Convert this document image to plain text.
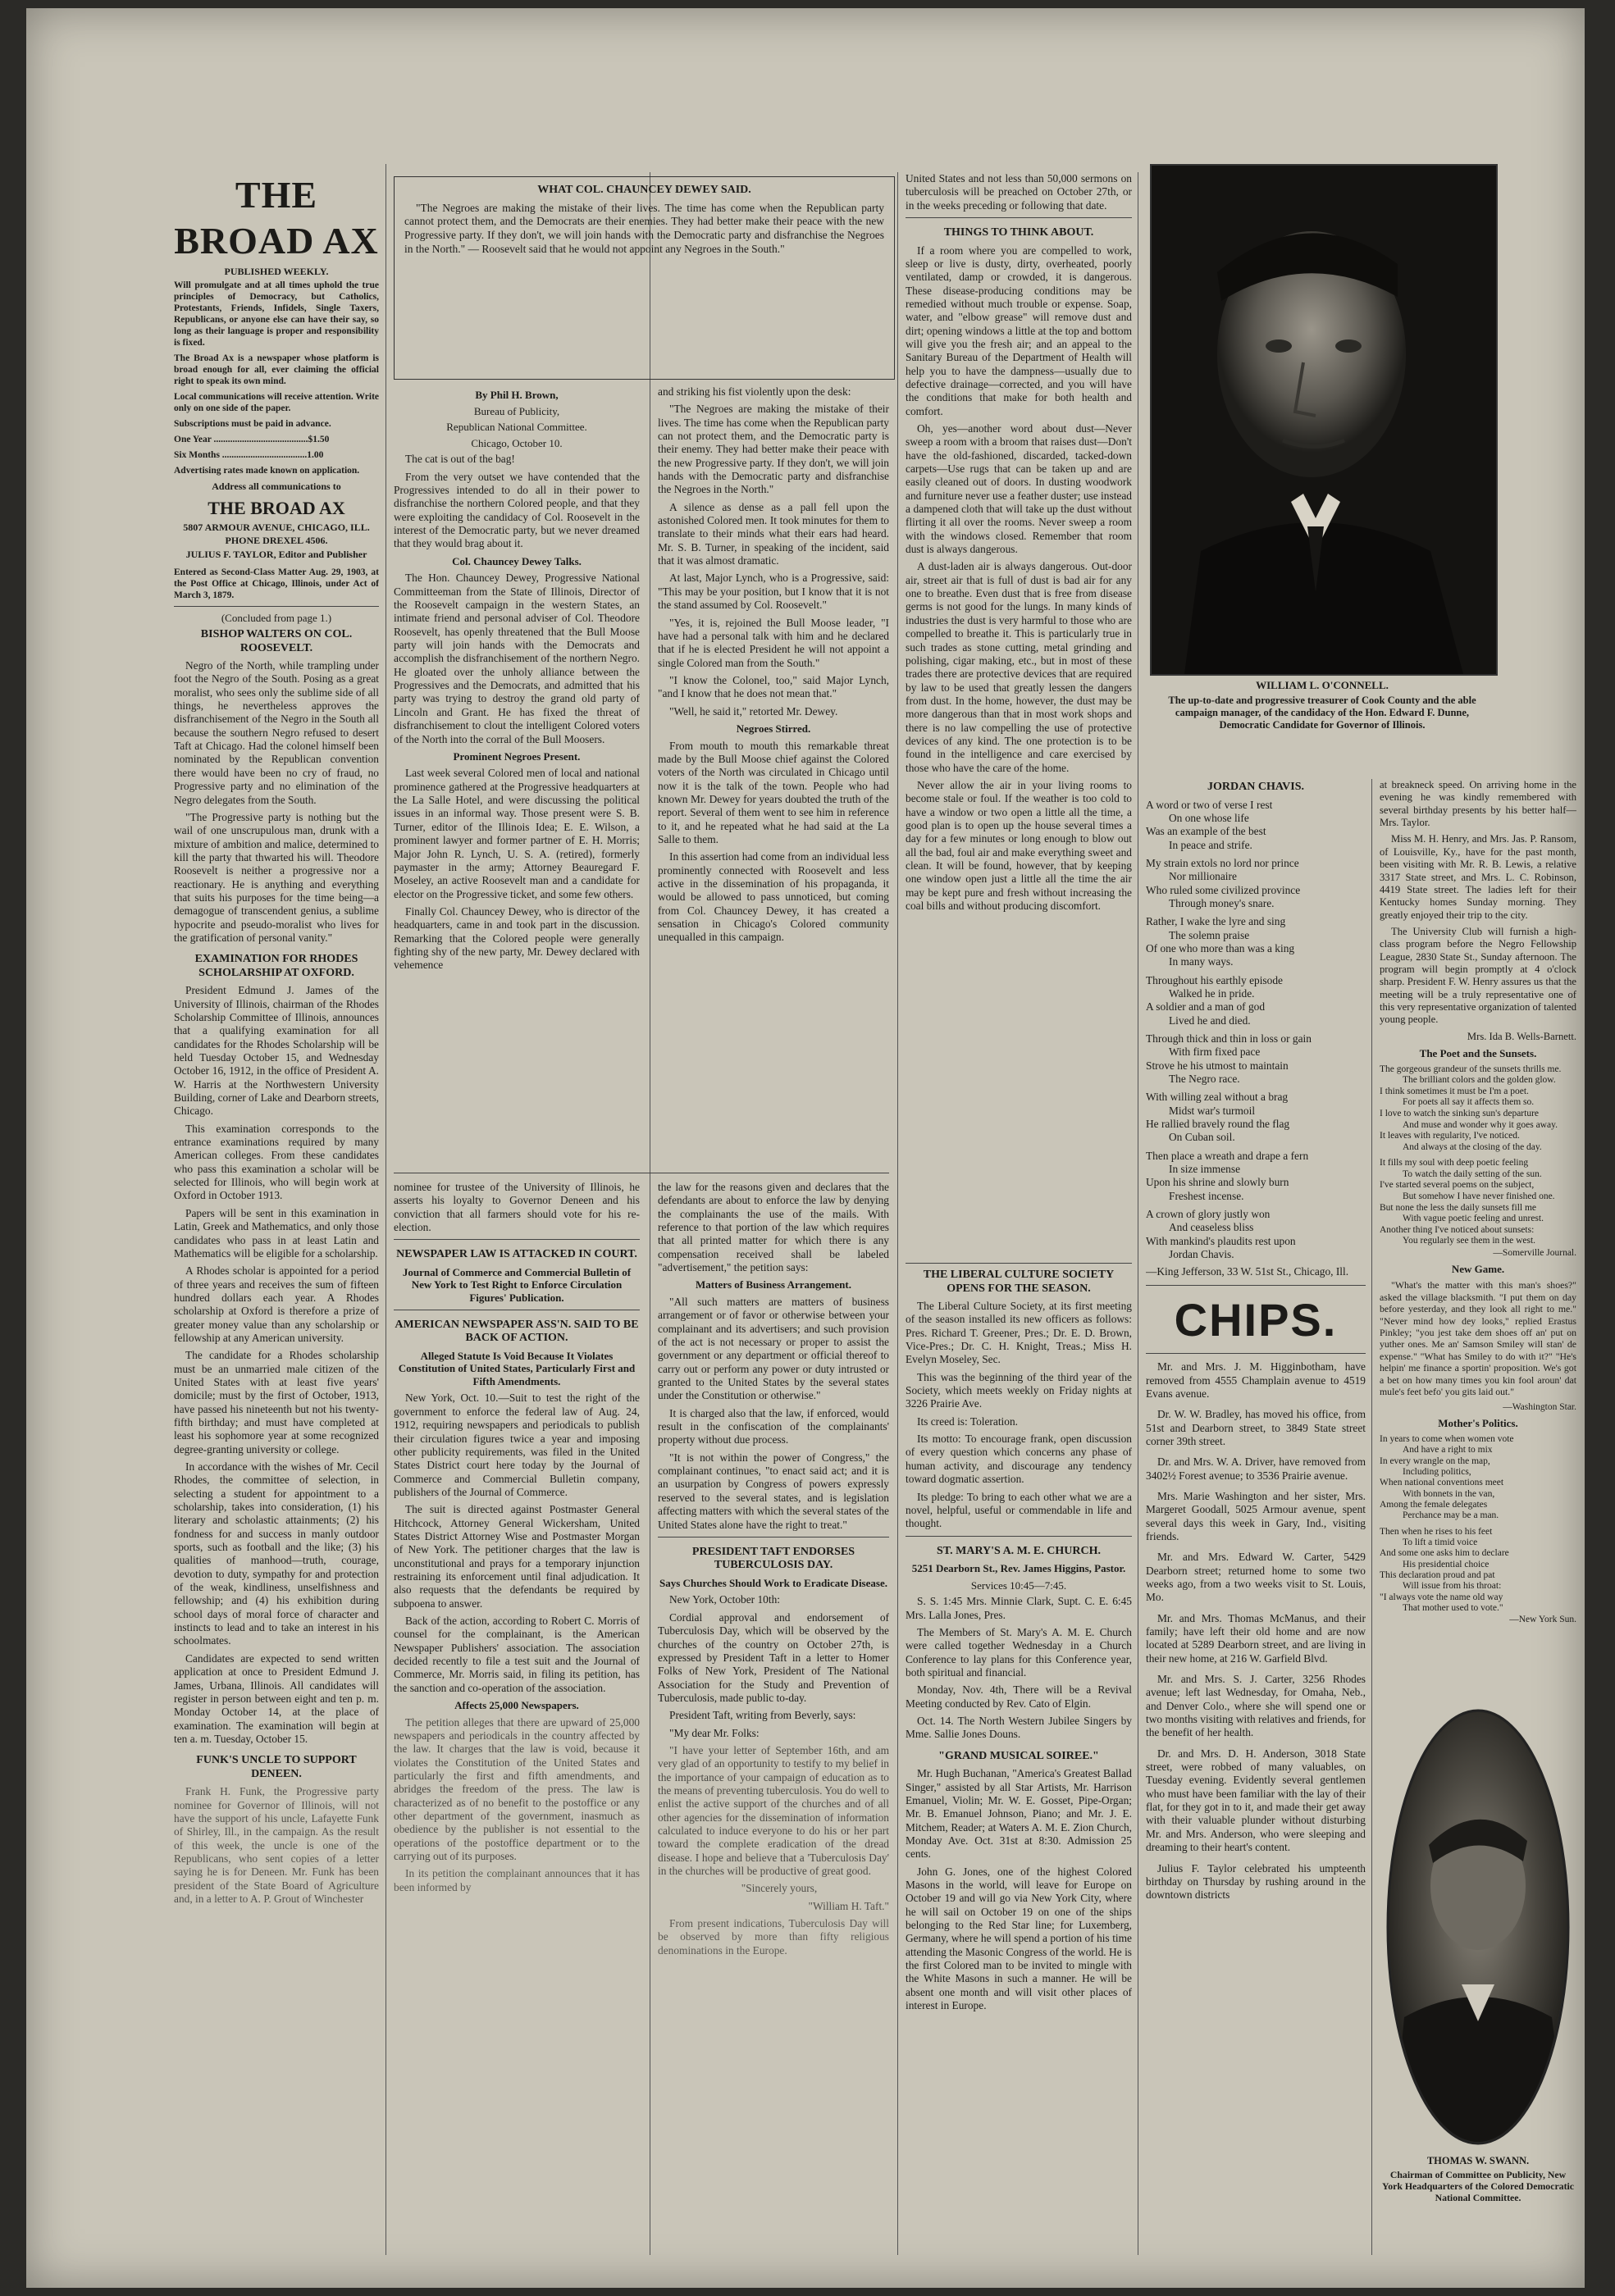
THE BROAD AX
PUBLISHED WEEKLY.

Will promulgate and at all times uphold the true principles of Democracy, but Catholics, Protestants, Friends, Infidels, Single Taxers, Republicans, or anyone else can have their say, so long as their language is proper and responsibility is fixed.

The Broad Ax is a newspaper whose platform is broad enough for all, ever claiming the official right to speak its own mind.

Local communications will receive attention. Write only on one side of the paper.

Subscriptions must be paid in advance.

One Year ........................................$1.50

Six Months ....................................1.00

Advertising rates made known on application.

Address all communications to
THE BROAD AX
5807 ARMOUR AVENUE, CHICAGO, ILL.
PHONE DREXEL 4506.
JULIUS F. TAYLOR, Editor and Publisher

Entered as Second-Class Matter Aug. 29, 1903, at the Post Office at Chicago, Illinois, under Act of March 3, 1879.

(Concluded from page 1.)
BISHOP WALTERS ON COL. ROOSEVELT.

Negro of the North, while trampling under foot the Negro of the South. Posing as a great moralist, who sees only the sublime side of all things, he nevertheless approves the disfranchisement of the Negro in the South all because the southern Negro refused to desert Taft at Chicago. Had the colonel himself been nominated by the Republican convention there would have been no cry of fraud, no Progressive party and no elimination of the Negro delegates from the South.

"The Progressive party is nothing but the wail of one unscrupulous man, drunk with a mixture of ambition and malice, determined to kill the party that thwarted his will. Theodore Roosevelt is neither a progressive nor a reactionary. He is anything and everything that suits his purposes for the time being—a demagogue of transcendent genius, a sublime hypocrite and pseudo-moralist who lives for the gratification of personal vanity."

EXAMINATION FOR RHODES SCHOLARSHIP AT OXFORD.

President Edmund J. James of the University of Illinois, chairman of the Rhodes Scholarship Committee of Illinois, announces that a qualifying examination for all candidates for the Rhodes Scholarship will be held Tuesday October 15, and Wednesday October 16, 1912, in the office of President A. W. Harris at the Northwestern University Building, corner of Lake and Dearborn streets, Chicago.

This examination corresponds to the entrance examinations required by many American colleges. From these candidates who pass this examination a scholar will be selected for Illinois, who will begin work at Oxford in October 1913.

Papers will be sent in this examination in Latin, Greek and Mathematics, and only those candidates who pass in at least Latin and Mathematics will be eligible for a scholarship.

A Rhodes scholar is appointed for a period of three years and receives the sum of fifteen hundred dollars each year. A Rhodes scholarship at Oxford is therefore a prize of greater money value than any scholarship or fellowship at any American university.

The candidate for a Rhodes scholarship must be an unmarried male citizen of the United States with at least five years' domicile; must by the first of October, 1913, have passed his nineteenth but not his twenty-fifth birthday; and must have completed at least his sophomore year at some recognized degree-granting university or college.

In accordance with the wishes of Mr. Cecil Rhodes, the committee of selection, in selecting a student for appointment to a scholarship, takes into consideration, (1) his literary and scholastic attainments; (2) his fondness for and success in manly outdoor sports, such as football and the like; (3) his qualities of manhood—truth, courage, devotion to duty, sympathy for and protection of the weak, kindliness, unselfishness and fellowship; and (4) his exhibition during school days of moral force of character and instincts to lead and to take an interest in his schoolmates.

Candidates are expected to send written application at once to President Edmund J. James, Urbana, Illinois. All candidates will register in person between eight and ten p. m. Monday October 14, at the place of examination. The examination will begin at ten a. m. Tuesday, October 15.

FUNK'S UNCLE TO SUPPORT DENEEN.

Frank H. Funk, the Progressive party nominee for Governor of Illinois, will not have the support of his uncle, Lafayette Funk of Shirley, Ill., in the campaign. As the result of this week, the uncle is one of the Republicans, who sent copies of a letter saying he is for Deneen. Mr. Funk has been president of the State Board of Agriculture and, in a letter to A. P. Grout of Winchester

WHAT COL. CHAUNCEY DEWEY SAID.
"The Negroes are making the mistake of their lives. The time has come when the Republican party cannot protect them, and the Democrats are their enemies. They had better make their peace with the new Progressive party. If they don't, we will join hands with the Democratic party and disfranchise the Negroes in the North." — Roosevelt said that he would not appoint any Negroes in the South."
By Phil H. Brown,
Bureau of Publicity,
Republican National Committee.
Chicago, October 10.

The cat is out of the bag!

From the very outset we have contended that the Progressives intended to do all in their power to disfranchise the northern Colored people, and that they were exploiting the candidacy of Col. Roosevelt in the interest of the Democratic party, but we never dreamed that they would brag about it.

Col. Chauncey Dewey Talks.

The Hon. Chauncey Dewey, Progressive National Committeeman from the State of Illinois, Director of the Roosevelt campaign in the western States, an intimate friend and personal adviser of Col. Theodore Roosevelt, has openly threatened that the Bull Moose party will join hands with the Democrats and accomplish the disfranchisement of the northern Negro. He gloated over the unholy alliance between the Progressives and the Democrats, and admitted that his party was trying to destroy the grand old party of Lincoln and Grant. He has fixed the threat of disfranchisement to clout the intelligent Colored voters of the North into the corral of the Bull Moosers.

Prominent Negroes Present.

Last week several Colored men of local and national prominence gathered at the Progressive headquarters at the La Salle Hotel, and were discussing the political issues in an informal way. Those present were S. B. Turner, editor of the Illinois Idea; E. E. Wilson, a prominent lawyer and former partner of E. H. Morris; Major John R. Lynch, U. S. A. (retired), formerly paymaster in the army; Attorney Beauregard F. Moseley, an active Roosevelt man and a candidate for elector on the Progressive ticket, and some few others.

Finally Col. Chauncey Dewey, who is director of the headquarters, came in and took part in the discussion. Remarking that the Colored people were generally fighting shy of the new party, Mr. Dewey declared with vehemence

and striking his fist violently upon the desk:

"The Negroes are making the mistake of their lives. The time has come when the Republican party can not protect them, and the Democratic party is their enemy. They had better make their peace with the new Progressive party. If they don't, we will join hands with the Democratic party and disfranchise the Negroes in the North."

A silence as dense as a pall fell upon the astonished Colored men. It took minutes for them to translate to their minds what their ears had heard. Mr. S. B. Turner, in speaking of the incident, said that it was almost dramatic.

At last, Major Lynch, who is a Progressive, said: "This may be your position, but I know that it is not the stand assumed by Col. Roosevelt."

"Yes, it is, rejoined the Bull Moose leader, "I have had a personal talk with him and he declared that if he is elected President he will not appoint a single Colored man from the South."

"I know the Colonel, too," said Major Lynch, "and I know that he does not mean that."

"Well, he said it," retorted Mr. Dewey.

Negroes Stirred.

From mouth to mouth this remarkable threat made by the Bull Moose chief against the Colored voters of the North was circulated in Chicago until now it is the talk of the town. People who had known Mr. Dewey for years doubted the truth of the report. Several of them went to see him in reference to it, and he repeated what he had said at the La Salle to them.

In this assertion had come from an individual less prominently connected with Roosevelt and less active in the dissemination of his propaganda, it would be allowed to pass unnoticed, but coming from Col. Chauncey Dewey, it has created a sensation in Chicago's Colored community unequalled in this campaign.

nominee for trustee of the University of Illinois, he asserts his loyalty to Governor Deneen and his conviction that all farmers should vote for his re-election.

NEWSPAPER LAW IS ATTACKED IN COURT.
Journal of Commerce and Commercial Bulletin of New York to Test Right to Enforce Circulation Figures' Publication.
AMERICAN NEWSPAPER ASS'N. SAID TO BE BACK OF ACTION.
Alleged Statute Is Void Because It Violates Constitution of United States, Particularly First and Fifth Amendments.

New York, Oct. 10.—Suit to test the right of the government to enforce the federal law of Aug. 24, 1912, requiring newspapers and periodicals to publish their circulation figures twice a year and imposing other publicity requirements, was filed in the United States District court here today by the Journal of Commerce and Commercial Bulletin company, publishers of the Journal of Commerce.

The suit is directed against Postmaster General Hitchcock, Attorney General Wickersham, United States District Attorney Wise and Postmaster Morgan of New York. The petitioner charges that the law is unconstitutional and prays for a temporary injunction restraining its enforcement until final adjudication. It also requests that the defendants be required by subpoena to answer.

Back of the action, according to Robert C. Morris of counsel for the complainant, is the American Newspaper Publishers' association. The association decided recently to file a test suit and the Journal of Commerce, Mr. Morris said, in filing its petition, has the sanction and co-operation of the association.

Affects 25,000 Newspapers.

The petition alleges that there are upward of 25,000 newspapers and periodicals in the country affected by the law. It charges that the law is void, because it violates the Constitution of the United States and particularly the first and fifth amendments, and abridges the freedom of the press. The law is characterized as of no benefit to the postoffice or any other department of the government, inasmuch as obedience by the publisher is not essential to the operations of the postoffice department or to the carrying out of its purposes.

In its petition the complainant announces that it has been informed by

the law for the reasons given and declares that the defendants are about to enforce the law by denying the complainants the use of the mails. With reference to that portion of the law which requires that all printed matter for which there is any compensation received shall be labeled "advertisement," the petition says:

Matters of Business Arrangement.

"All such matters are matters of business arrangement or of favor or otherwise between your complainant and its advertisers; and such provision of the act is not necessary or proper to assist the government or any department or official thereof to carry out or perform any power or duty intrusted or granted to the United States by the several states under the Constitution or otherwise."

It is charged also that the law, if enforced, would result in the confiscation of the complainants' property without due process.

"It is not within the power of Congress," the complainant continues, "to enact said act; and it is an usurpation by Congress of powers expressly reserved to the several states, and is legislation affecting matters with which the several states of the United States alone have the right to treat."

PRESIDENT TAFT ENDORSES TUBERCULOSIS DAY.
Says Churches Should Work to Eradicate Disease.

New York, October 10th:

Cordial approval and endorsement of Tuberculosis Day, which will be observed by the churches of the country on October 27th, is expressed by President Taft in a letter to Homer Folks of New York, President of The National Association for the Study and Prevention of Tuberculosis, made public to-day.

President Taft, writing from Beverly, says:

"My dear Mr. Folks:

"I have your letter of September 16th, and am very glad of an opportunity to testify to my belief in the importance of your campaign of education as to the means of preventing tuberculosis. You do well to enlist the active support of the churches and of all other agencies for the dissemination of information calculated to induce everyone to do his or her part toward the complete eradication of the dread disease. I hope and believe that a 'Tuberculosis Day' in the churches will be productive of great good.

"Sincerely yours,

"William H. Taft."

From present indications, Tuberculosis Day will be observed by more than fifty religious denominations in the Europe.

United States and not less than 50,000 sermons on tuberculosis will be preached on October 27th, or in the weeks preceding or following that date.

THINGS TO THINK ABOUT.

If a room where you are compelled to work, sleep or live is dusty, dirty, overheated, poorly ventilated, damp or crowded, it is dangerous. These disease-producing conditions may be remedied without much trouble or expense. Soap, water, and "elbow grease" will remove dust and dirt; opening windows a little at the top and bottom will give you the fresh air; and an appeal to the Sanitary Bureau of the Department of Health will help you to have the dampness—usually due to defective drainage—corrected, and you will have the conditions that make for both health and comfort.

Oh, yes—another word about dust—Never sweep a room with a broom that raises dust—Don't have the old-fashioned, discarded, tacked-down carpets—Use rugs that can be taken up and are easily cleaned out of doors. In dusting woodwork and furniture never use a feather duster; use instead a dampened cloth that will take up the dust without flirting it all over the rooms. Never sweep a room with the windows closed. Remember that room dust is always dangerous.

A dust-laden air is always dangerous. Out-door air, street air that is full of dust is bad air for any one to breathe. Even dust that is free from disease germs is not good for the lungs. In many kinds of industries the dust is very harmful to those who are compelled to breathe it. This is particularly true in such trades as stone cutting, metal grinding and polishing, cigar making, etc., but in most of these trades there are protective devices that are required by law to be used that greatly lessen the dangers from dust. In the home, however, the dust may be more dangerous than that in most work shops and there is no law compelling the use of protective devices of any kind. The one protection is to be found in the intelligence and care exercised by those who have the care of the home.

Never allow the air in your living rooms to become stale or foul. If the weather is too cold to have a window or two open a little all the time, a good plan is to open up the house several times a day for a few minutes or long enough to blow out all the bad, foul air and make everything sweet and clean. It will be found, however, that by keeping one window open just a little all the time the air may be kept pure and fresh without increasing the coal bills and without producing discomfort.

THE LIBERAL CULTURE SOCIETY OPENS FOR THE SEASON.

The Liberal Culture Society, at its first meeting of the season installed its new officers as follows: Pres. Richard T. Greener, Pres.; Dr. E. D. Brown, Vice-Pres.; Dr. C. H. Knight, Treas.; Miss H. Evelyn Moseley, Sec.

This was the beginning of the third year of the Society, which meets weekly on Friday nights at 3226 Prairie Ave.

Its creed is: Toleration.

Its motto: To encourage frank, open discussion of every question which concerns any phase of human activity, and discourage any tendency toward dogmatic assertion.

Its pledge: To bring to each other what we are a novel, helpful, useful or commendable in life and thought.

ST. MARY'S A. M. E. CHURCH.
5251 Dearborn St., Rev. James Higgins, Pastor.
Services 10:45—7:45.

S. S. 1:45 Mrs. Minnie Clark, Supt. C. E. 6:45 Mrs. Lalla Jones, Pres.

The Members of St. Mary's A. M. E. Church were called together Wednesday in a Church Conference to lay plans for this Conference year, both spiritual and financial.

Monday, Nov. 4th, There will be a Revival Meeting conducted by Rev. Cato of Elgin.

Oct. 14. The North Western Jubilee Singers by Mme. Sallie Jones Douns.

"GRAND MUSICAL SOIREE."

Mr. Hugh Buchanan, "America's Greatest Ballad Singer," assisted by all Star Artists, Mr. Harrison Emanuel, Violin; Mr. W. E. Gosset, Pipe-Organ; Mr. B. Emanuel Johnson, Piano; and Mr. J. E. Mitchem, Reader; at Waters A. M. E. Zion Church, Monday Ave. Oct. 31st at 8:30. Admission 25 cents.

John G. Jones, one of the highest Colored Masons in the world, will leave for Europe on October 19 and will go via New York City, where he will sail on October 19 on one of the ships belonging to the Red Star line; for Luxemberg, Germany, where he will spend a portion of his time attending the Masonic Congress of the world. He is the first Colored man to be invited to mingle with the White Masons in such a manner. He will be absent one month and will visit other places of interest in Europe.

WILLIAM L. O'CONNELL.
The up-to-date and progressive treasurer of Cook County and the able campaign manager, of the candidacy of the Hon. Edward F. Dunne, Democratic Candidate for Governor of Illinois.
JORDAN CHAVIS.

A word or two of verse I rest

On one whose life

Was an example of the best

In peace and strife.

My strain extols no lord nor prince

Nor millionaire

Who ruled some civilized province

Through money's snare.

Rather, I wake the lyre and sing

The solemn praise

Of one who more than was a king

In many ways.

Throughout his earthly episode

Walked he in pride.

A soldier and a man of god

Lived he and died.

Through thick and thin in loss or gain

With firm fixed pace

Strove he his utmost to maintain

The Negro race.

With willing zeal without a brag

Midst war's turmoil

He rallied bravely round the flag

On Cuban soil.

Then place a wreath and drape a fern

In size immense

Upon his shrine and slowly burn

Freshest incense.

A crown of glory justly won

And ceaseless bliss

With mankind's plaudits rest upon

Jordan Chavis.

—King Jefferson, 33 W. 51st St., Chicago, Ill.

CHIPS.

Mr. and Mrs. J. M. Higginbotham, have removed from 4555 Champlain avenue to 4519 Evans avenue.

Dr. W. W. Bradley, has moved his office, from 51st and Dearborn street, to 3849 State street corner 39th street.

Dr. and Mrs. W. A. Driver, have removed from 3402½ Forest avenue; to 3536 Prairie avenue.

Mrs. Marie Washington and her sister, Mrs. Margeret Goodall, 5025 Armour avenue, spent several days this week in Gary, Ind., visiting friends.

Mr. and Mrs. Edward W. Carter, 5429 Dearborn street; returned home to some two weeks ago, from a two weeks visit to St. Louis, Mo.

Mr. and Mrs. Thomas McManus, and their family; have left their old home and are now located at 5289 Dearborn street, and are living in their new home, at 216 W. Garfield Blvd.

Mr. and Mrs. S. J. Carter, 3256 Rhodes avenue; left last Wednesday, for Omaha, Neb., and Denver Colo., where she will spend one or two months visiting with relatives and friends, for the benefit of her health.

Dr. and Mrs. D. H. Anderson, 3018 State street, were robbed of many valuables, on Tuesday evening. Evidently several gentlemen who must have been familiar with the lay of their flat, for they got in to it, and made their get away with their valuable plunder without disturbing Mr. and Mrs. Anderson, who were sleeping and dreaming to their heart's content.

Julius F. Taylor celebrated his umpteenth birthday on Thursday by rushing around in the downtown districts

at breakneck speed. On arriving home in the evening he was kindly remembered with several birthday presents by his better half—Mrs. Taylor.

Miss M. H. Henry, and Mrs. Jas. P. Ransom, of Louisville, Ky., have for the past month, been visiting with Mr. R. B. Lewis, a relative 3317 State street, and Mrs. L. C. Robinson, 4419 State street. The ladies left for their Kentucky homes Sunday morning. They greatly enjoyed their trip to the city.

The University Club will furnish a high-class program before the Negro Fellowship League, 2830 State St., Sunday afternoon. The program will begin promptly at 4 o'clock sharp. President F. W. Henry assures us that the meeting will be a truly representative one of this very representative organization of talented young people.

Mrs. Ida B. Wells-Barnett.

The Poet and the Sunsets.

The gorgeous grandeur of the sunsets thrills me.

The brilliant colors and the golden glow.

I think sometimes it must be I'm a poet.

For poets all say it affects them so.

I love to watch the sinking sun's departure

And muse and wonder why it goes away.

It leaves with regularity, I've noticed.

And always at the closing of the day.

It fills my soul with deep poetic feeling

To watch the daily setting of the sun.

I've started several poems on the subject,

But somehow I have never finished one.

But none the less the daily sunsets fill me

With vague poetic feeling and unrest.

Another thing I've noticed about sunsets:

You regularly see them in the west.

—Somerville Journal.

New Game.

"What's the matter with this man's shoes?" asked the village blacksmith. "I put them on day before yesterday, and they look all right to me." "Never mind how dey looks," replied Erastus Pinkley; "you jest take dem shoes off an' put on yuther ones. Me an' Samson Smiley will stan' de expense." "What has Smiley to do with it?" "He's helpin' me finance a sportin' proposition. We's got a bet on how many times you kin fool aroun' dat mule's feet befo' you gits laid out."

—Washington Star.

Mother's Politics.

In years to come when women vote

And have a right to mix

In every wrangle on the map,

Including politics,

When national conventions meet

With bonnets in the van,

Among the female delegates

Perchance may be a man.

Then when he rises to his feet

To lift a timid voice

And some one asks him to declare

His presidential choice

This declaration proud and pat

Will issue from his throat:

"I always vote the name old way

That mother used to vote."

—New York Sun.

THOMAS W. SWANN.
Chairman of Committee on Publicity, New York Headquarters of the Colored Democratic National Committee.
